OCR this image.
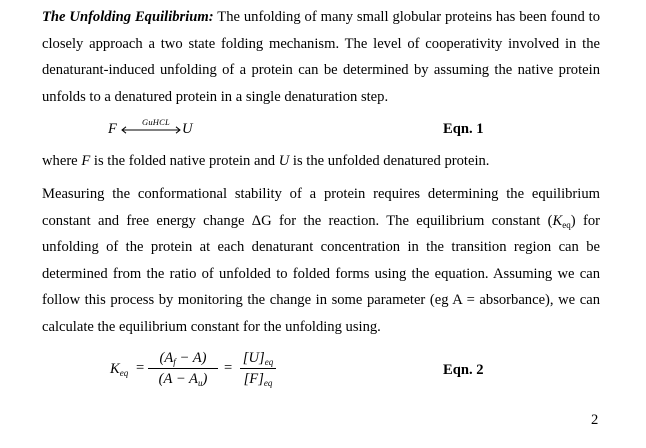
The Unfolding Equilibrium: The unfolding of many small globular proteins has been found to closely approach a two state folding mechanism. The level of cooperativity involved in the denaturant-induced unfolding of a protein can be determined by assuming the native protein unfolds to a denatured protein in a single denaturation step.
F	GuHCL U	Eqn. 1
where F is the folded native protein and U is the unfolded denatured protein.
Measuring the conformational stability of a protein requires determining the equilibrium constant and free energy change ΔG for the reaction. The equilibrium constant $(K_{eq})$ for unfolding of the protein at each denaturant concentration in the transition region can be determined from the ratio of unfolded to folded forms using the equation. Assuming we can follow this process by monitoring the change in some parameter (eg A = absorbance), we can calculate the equilibrium constant for the unfolding using.
$K_{eq}$ =
$(A_f - A)$
$(A - A_u)$
=
$[U]_{eq}$
$[F]_{eq}$
Eqn. 2
2
